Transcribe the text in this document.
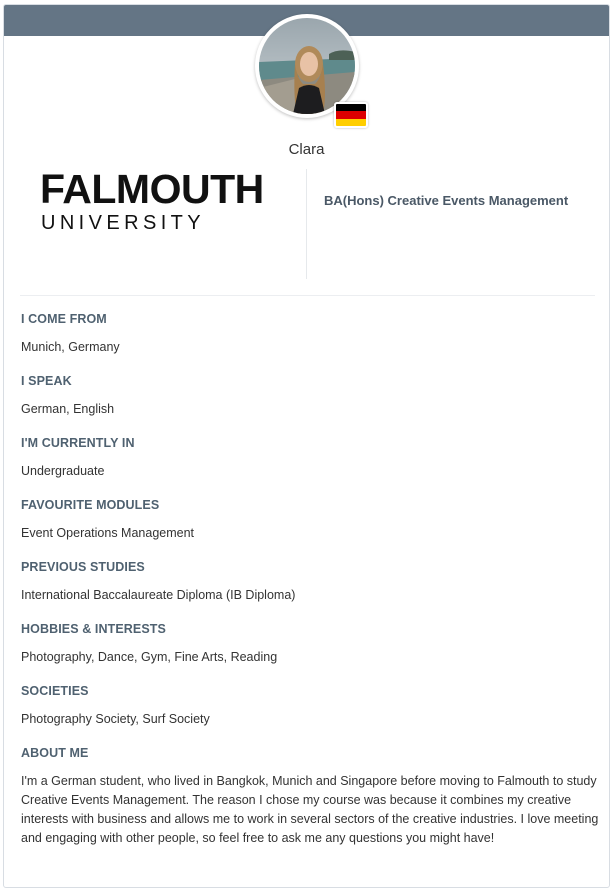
Clara
FALMOUTH
UNIVERSITY
BA(Hons) Creative Events Management
I COME FROM
Munich, Germany
I SPEAK
German, English
I'M CURRENTLY IN
Undergraduate
FAVOURITE MODULES
Event Operations Management
PREVIOUS STUDIES
International Baccalaureate Diploma (IB Diploma)
HOBBIES & INTERESTS
Photography, Dance, Gym, Fine Arts, Reading
SOCIETIES
Photography Society, Surf Society
ABOUT ME
I'm a German student, who lived in Bangkok, Munich and Singapore before moving to Falmouth to study Creative Events Management. The reason I chose my course was because it combines my creative interests with business and allows me to work in several sectors of the creative industries. I love meeting and engaging with other people, so feel free to ask me any questions you might have!
